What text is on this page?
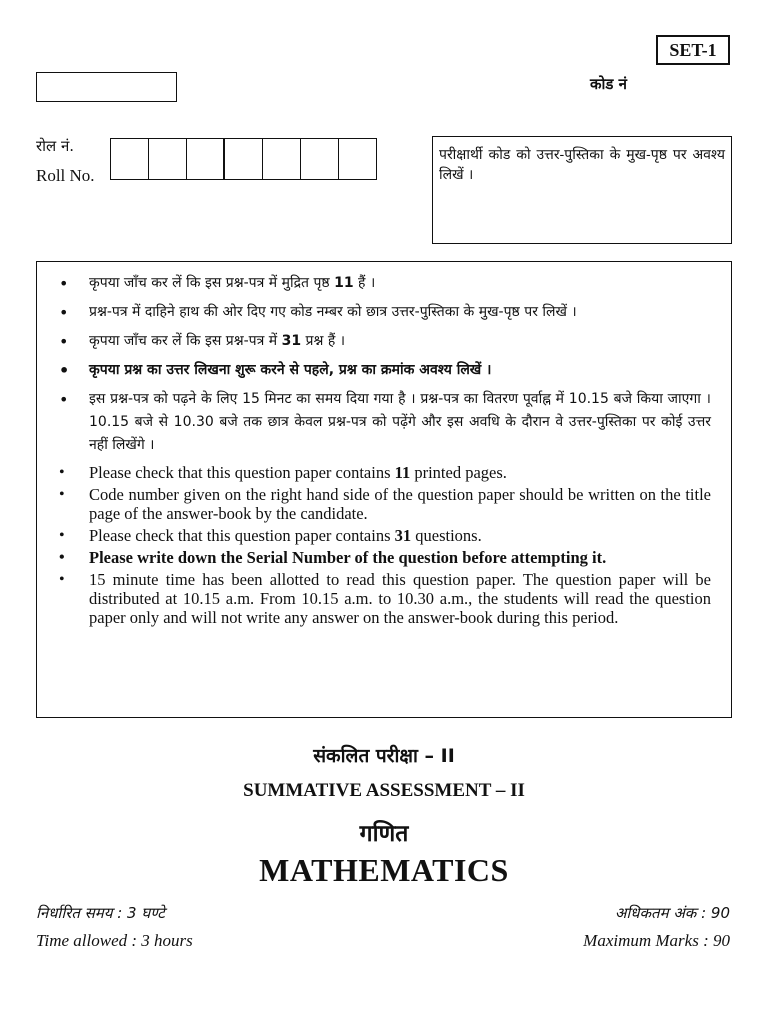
SET-1
कोड नं
रोल नं.
Roll No.
परीक्षार्थी कोड को उत्तर-पुस्तिका के मुख-पृष्ठ पर अवश्य लिखें ।
• कृपया जाँच कर लें कि इस प्रश्न-पत्र में मुद्रित पृष्ठ 11 हैं ।
• प्रश्न-पत्र में दाहिने हाथ की ओर दिए गए कोड नम्बर को छात्र उत्तर-पुस्तिका के मुख-पृष्ठ पर लिखें ।
• कृपया जाँच कर लें कि इस प्रश्न-पत्र में 31 प्रश्न हैं ।
• कृपया प्रश्न का उत्तर लिखना शुरू करने से पहले, प्रश्न का क्रमांक अवश्य लिखें ।
• इस प्रश्न-पत्र को पढ़ने के लिए 15 मिनट का समय दिया गया है । प्रश्न-पत्र का वितरण पूर्वाह्न में 10.15 बजे किया जाएगा । 10.15 बजे से 10.30 बजे तक छात्र केवल प्रश्न-पत्र को पढ़ेंगे और इस अवधि के दौरान वे उत्तर-पुस्तिका पर कोई उत्तर नहीं लिखेंगे ।
• Please check that this question paper contains 11 printed pages.
• Code number given on the right hand side of the question paper should be written on the title page of the answer-book by the candidate.
• Please check that this question paper contains 31 questions.
• Please write down the Serial Number of the question before attempting it.
• 15 minute time has been allotted to read this question paper. The question paper will be distributed at 10.15 a.m. From 10.15 a.m. to 10.30 a.m., the students will read the question paper only and will not write any answer on the answer-book during this period.
संकलित परीक्षा – II
SUMMATIVE ASSESSMENT – II
गणित
MATHEMATICS
निर्धारित समय : 3 घण्टे
Time allowed : 3 hours
अधिकतम अंक : 90
Maximum Marks : 90
